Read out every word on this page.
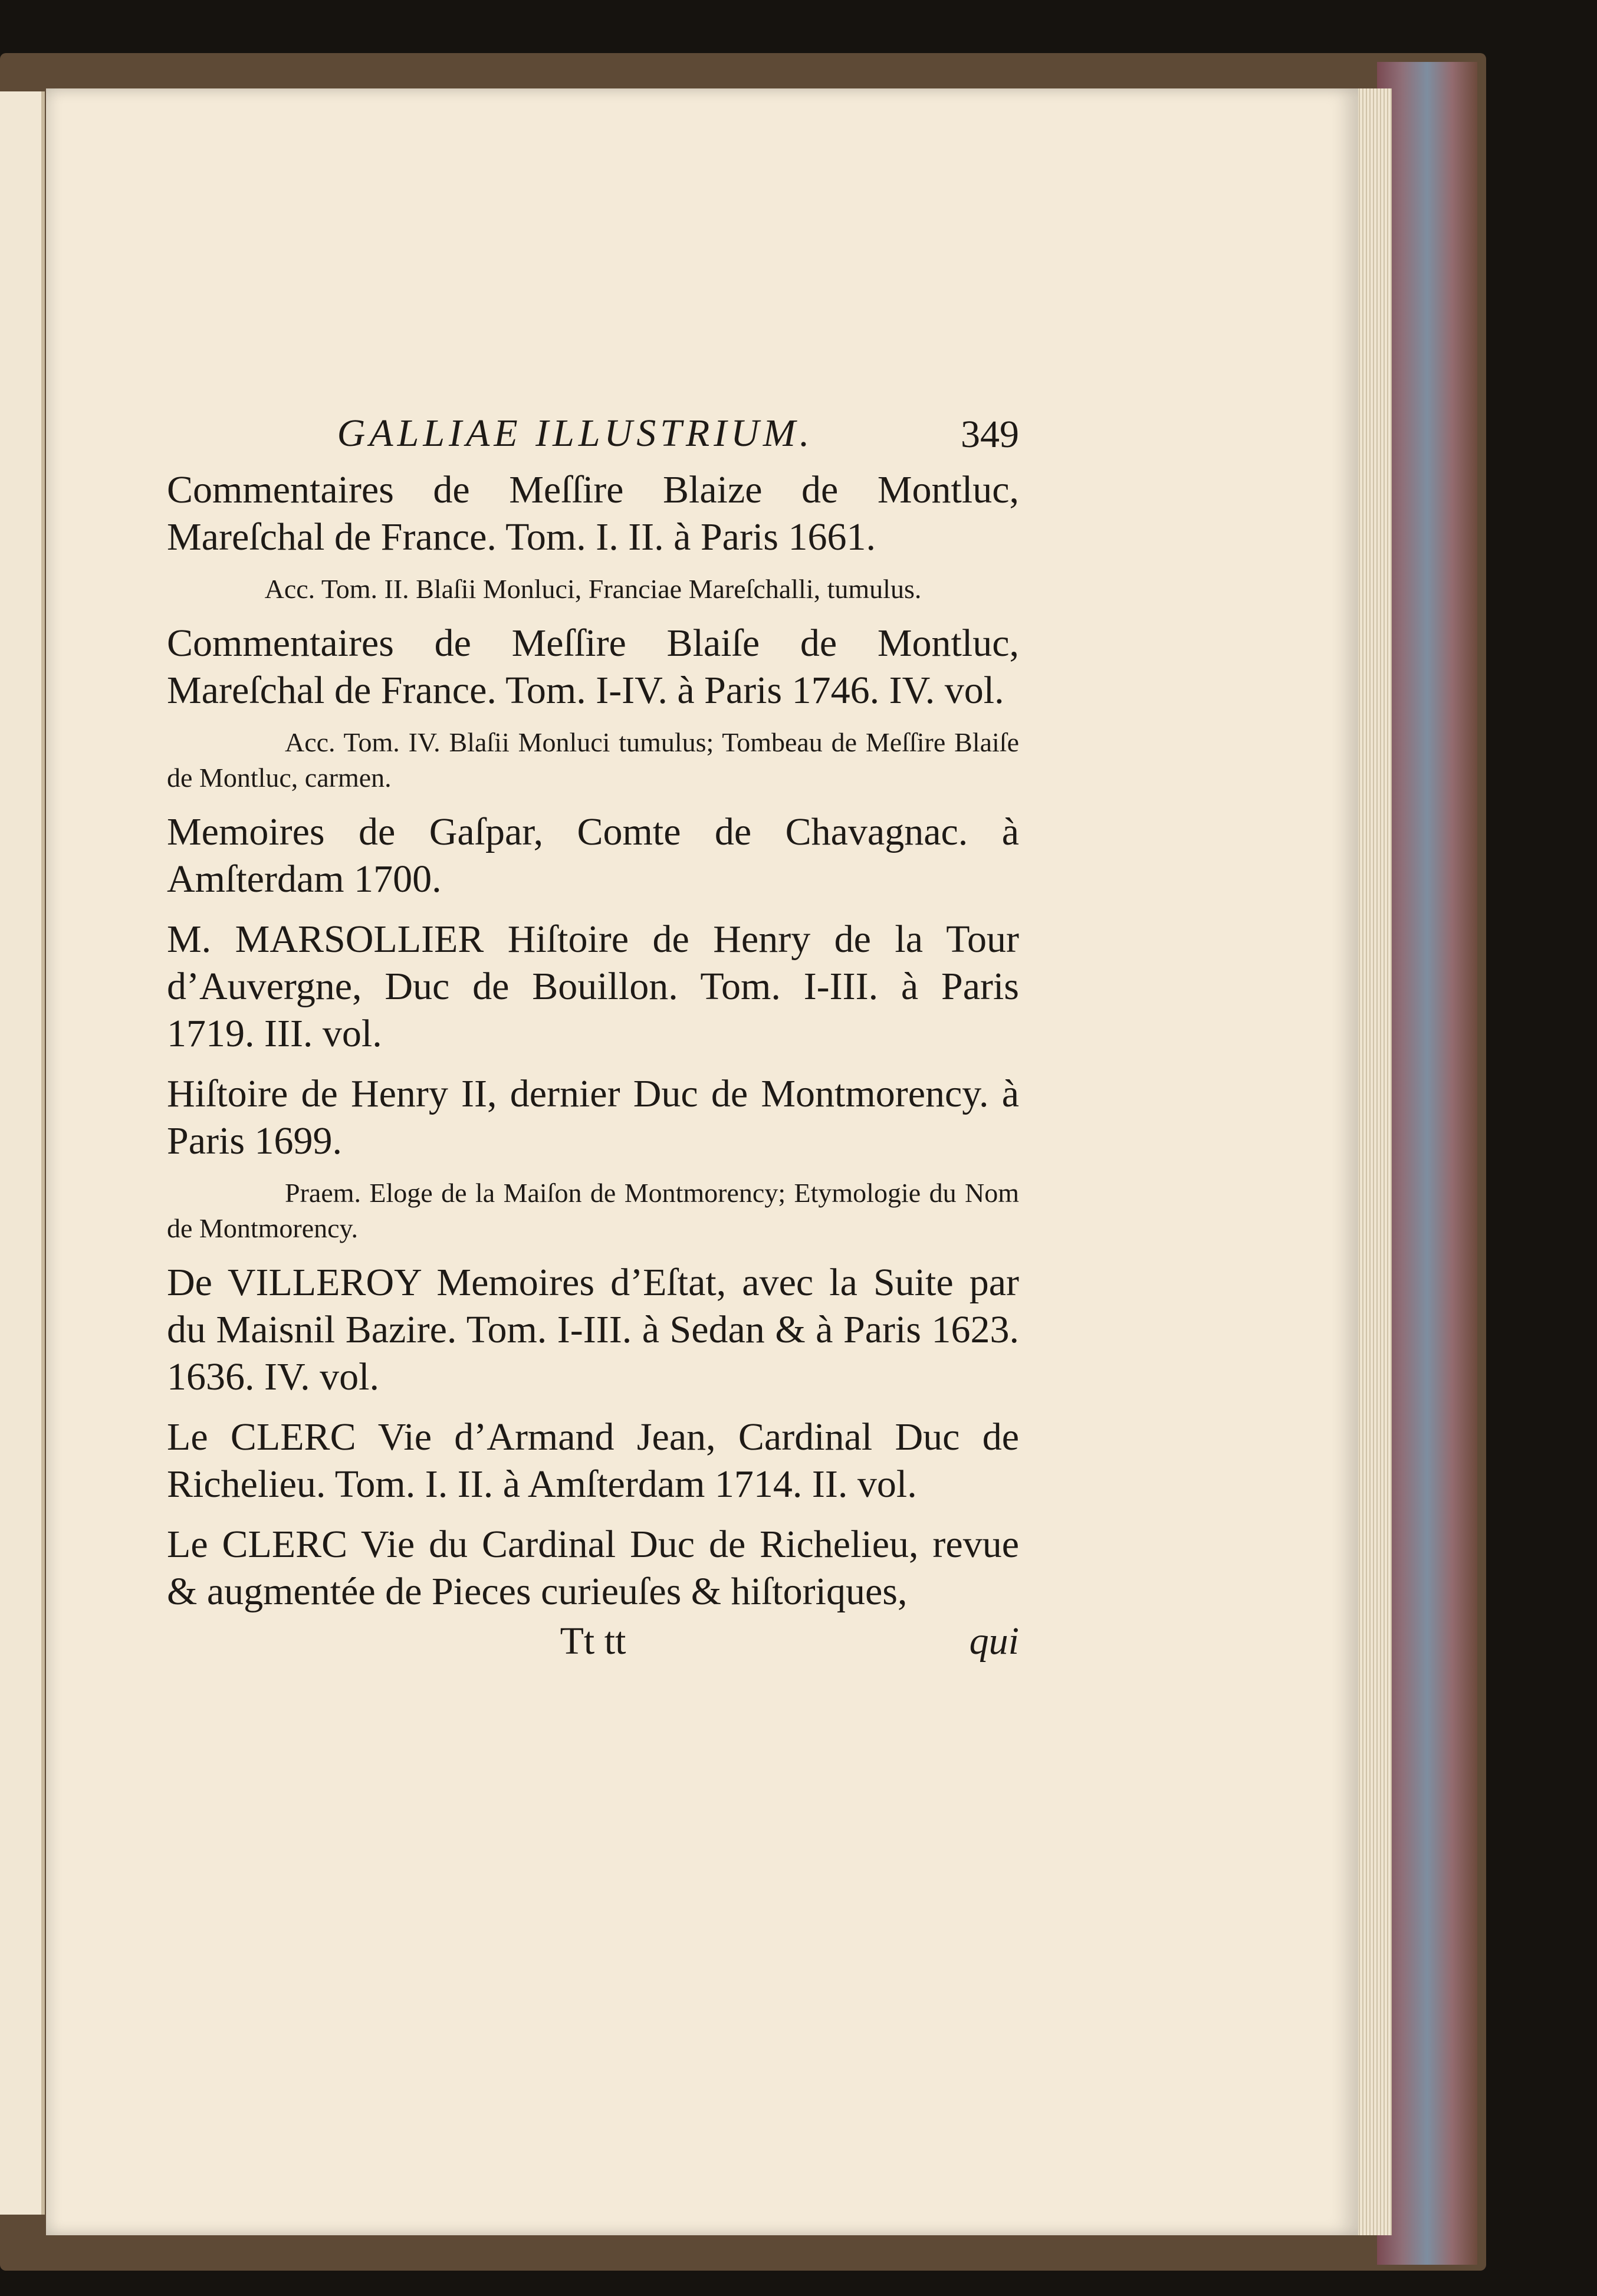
GALLIAE ILLUSTRIUM.	349

Commentaires de Meſſire Blaize de Montluc, Mareſchal de France. Tom. I. II. à Paris 1661.

Acc. Tom. II. Blaſii Monluci, Franciae Mareſchalli, tumulus.

Commentaires de Meſſire Blaiſe de Montluc, Mareſchal de France. Tom. I-IV. à Paris 1746. IV. vol.

Acc. Tom. IV. Blaſii Monluci tumulus; Tombeau de Meſſire Blaiſe de Montluc, carmen.

Memoires de Gaſpar, Comte de Chavagnac. à Amſterdam 1700.

M. MARSOLLIER Hiſtoire de Henry de la Tour d’Auvergne, Duc de Bouillon. Tom. I-III. à Paris 1719. III. vol.

Hiſtoire de Henry II, dernier Duc de Montmorency. à Paris 1699.

Praem. Eloge de la Maiſon de Montmorency; Etymologie du Nom de Montmorency.

De VILLEROY Memoires d’Eſtat, avec la Suite par du Maisnil Bazire. Tom. I-III. à Sedan & à Paris 1623. 1636. IV. vol.

Le CLERC Vie d’Armand Jean, Cardinal Duc de Richelieu. Tom. I. II. à Amſterdam 1714. II. vol.

Le CLERC Vie du Cardinal Duc de Richelieu, revue & augmentée de Pieces curieuſes & hiſtoriques,

Tt tt	qui
